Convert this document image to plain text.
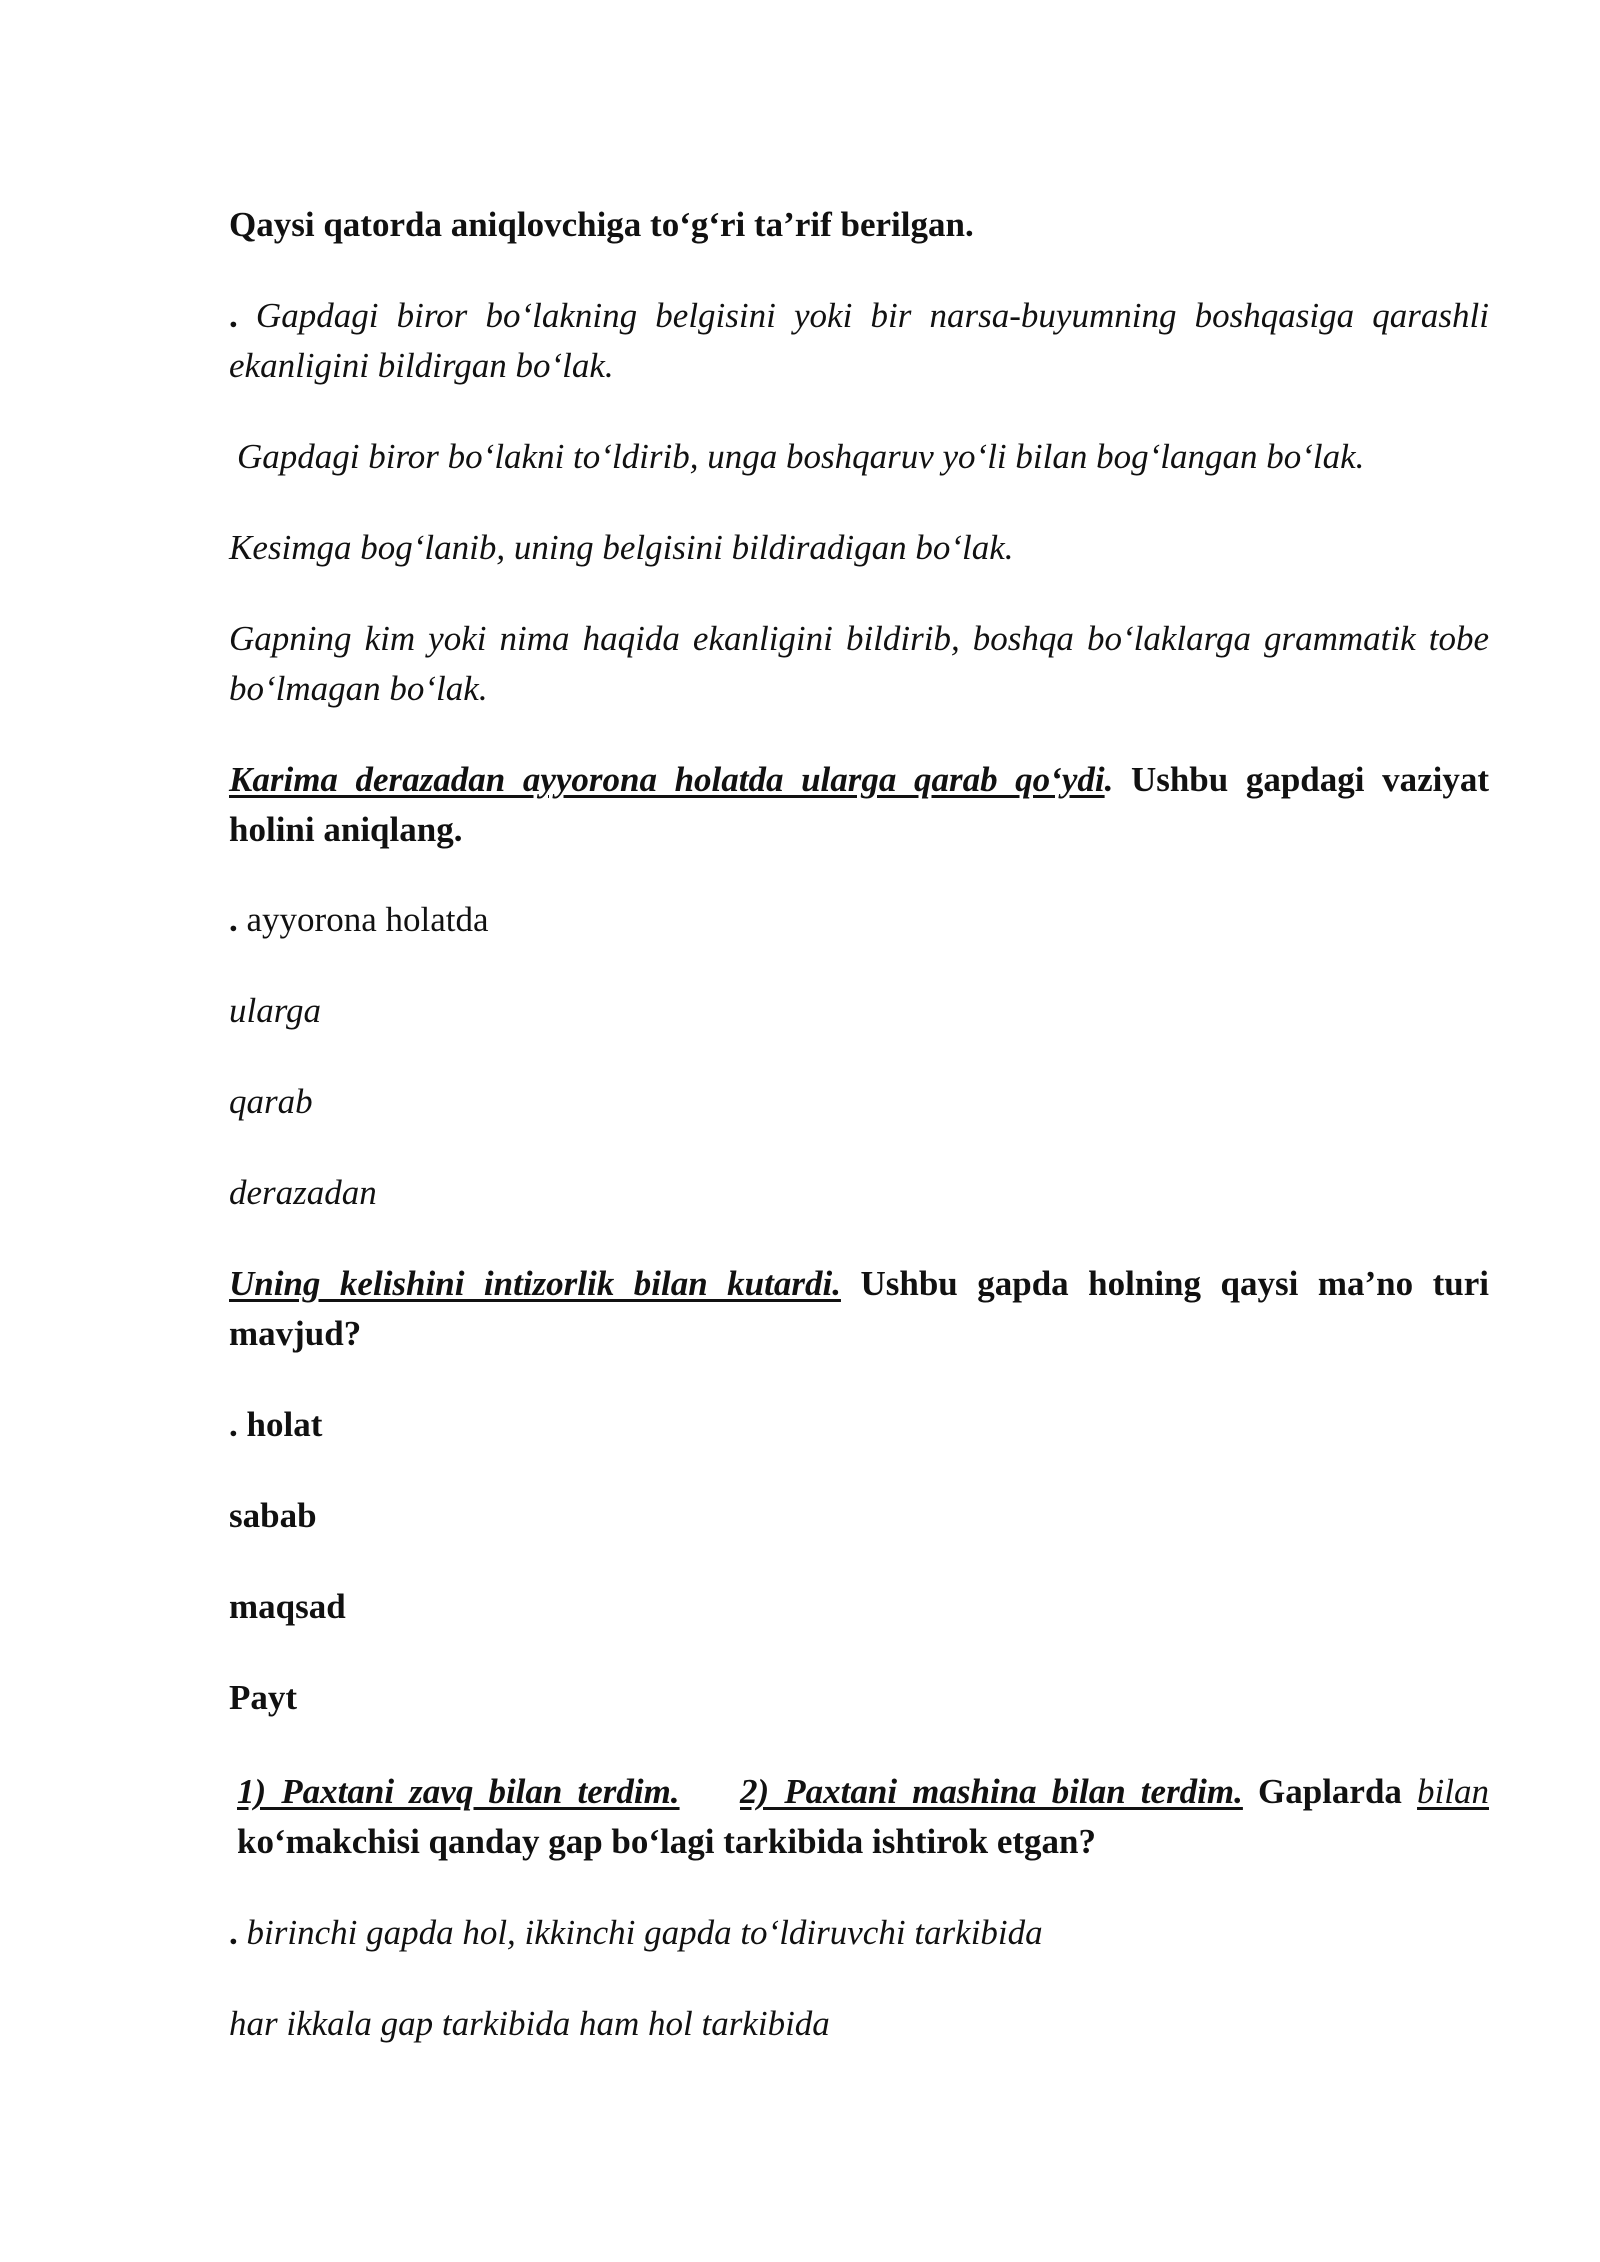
Qaysi qatorda aniqlovchiga to‘g‘ri ta’rif berilgan.

. Gapdagi biror bo‘lakning belgisini yoki bir narsa-buyumning boshqasiga qarashli ekanligini bildirgan bo‘lak.

Gapdagi biror bo‘lakni to‘ldirib, unga boshqaruv yo‘li bilan bog‘langan bo‘lak.

Kesimga bog‘lanib, uning belgisini bildiradigan bo‘lak.

Gapning kim yoki nima haqida ekanligini bildirib, boshqa bo‘laklarga grammatik tobe bo‘lmagan bo‘lak.

Karima derazadan ayyorona holatda ularga qarab qo‘ydi. Ushbu gapdagi vaziyat holini aniqlang.

. ayyorona holatda

ularga

qarab

derazadan

Uning kelishini intizorlik bilan kutardi. Ushbu gapda holning qaysi ma’no turi mavjud?

. holat

sabab

maqsad

Payt

1) Paxtani zavq bilan terdim. 2) Paxtani mashina bilan terdim. Gaplarda bilan ko‘makchisi qanday gap bo‘lagi tarkibida ishtirok etgan?

. birinchi gapda hol, ikkinchi gapda to‘ldiruvchi tarkibida

har ikkala gap tarkibida ham hol tarkibida
